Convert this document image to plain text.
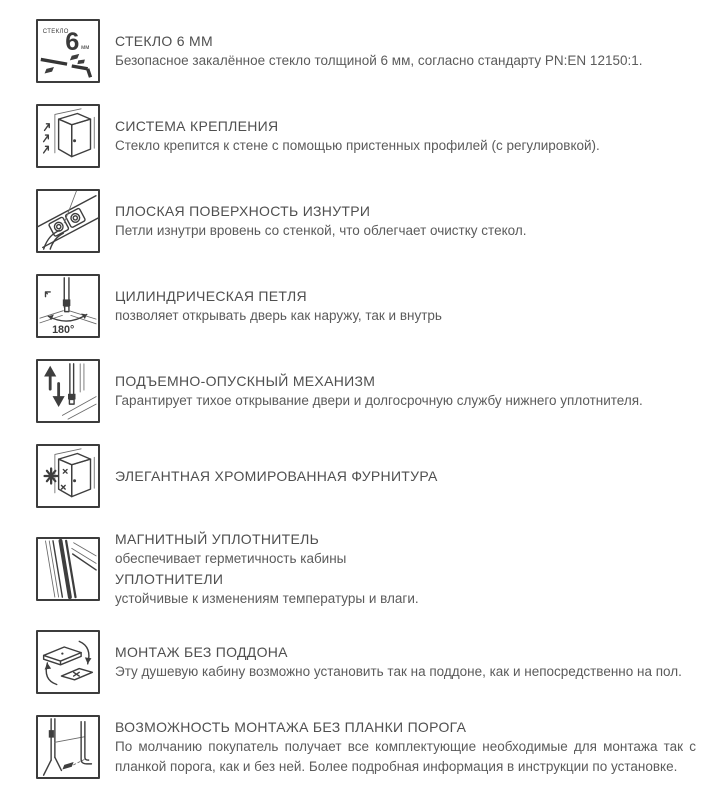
СТЕКЛО
6 мм СТЕКЛО 6 ММ
Безопасное закалённое стекло толщиной 6 мм, согласно стандарту PN:EN 12150:1.
СИСТЕМА КРЕПЛЕНИЯ
Стекло крепится к стене с помощью пристенных профилей (с регулировкой).
ПЛОСКАЯ ПОВЕРХНОСТЬ ИЗНУТРИ
Петли изнутри вровень со стенкой, что облегчает очистку стекол.
180°
ЦИЛИНДРИЧЕСКАЯ ПЕТЛЯ
позволяет открывать дверь как наружу, так и внутрь
ПОДЪЕМНО-ОПУСКНЫЙ МЕХАНИЗМ
Гарантирует тихое открывание двери и долгосрочную службу нижнего уплотнителя.
ЭЛЕГАНТНАЯ ХРОМИРОВАННАЯ ФУРНИТУРА
МАГНИТНЫЙ УПЛОТНИТЕЛЬ
обеспечивает герметичность кабины
УПЛОТНИТЕЛИ
устойчивые к изменениям температуры и влаги.
МОНТАЖ БЕЗ ПОДДОНА
Эту душевую кабину возможно установить так на поддоне, как и непосредственно на пол.
ВОЗМОЖНОСТЬ МОНТАЖА БЕЗ ПЛАНКИ ПОРОГА
По молчанию покупатель получает все комплектующие необходимые для монтажа так с планкой порога, как и без ней. Более подробная информация в инструкции по установке.
